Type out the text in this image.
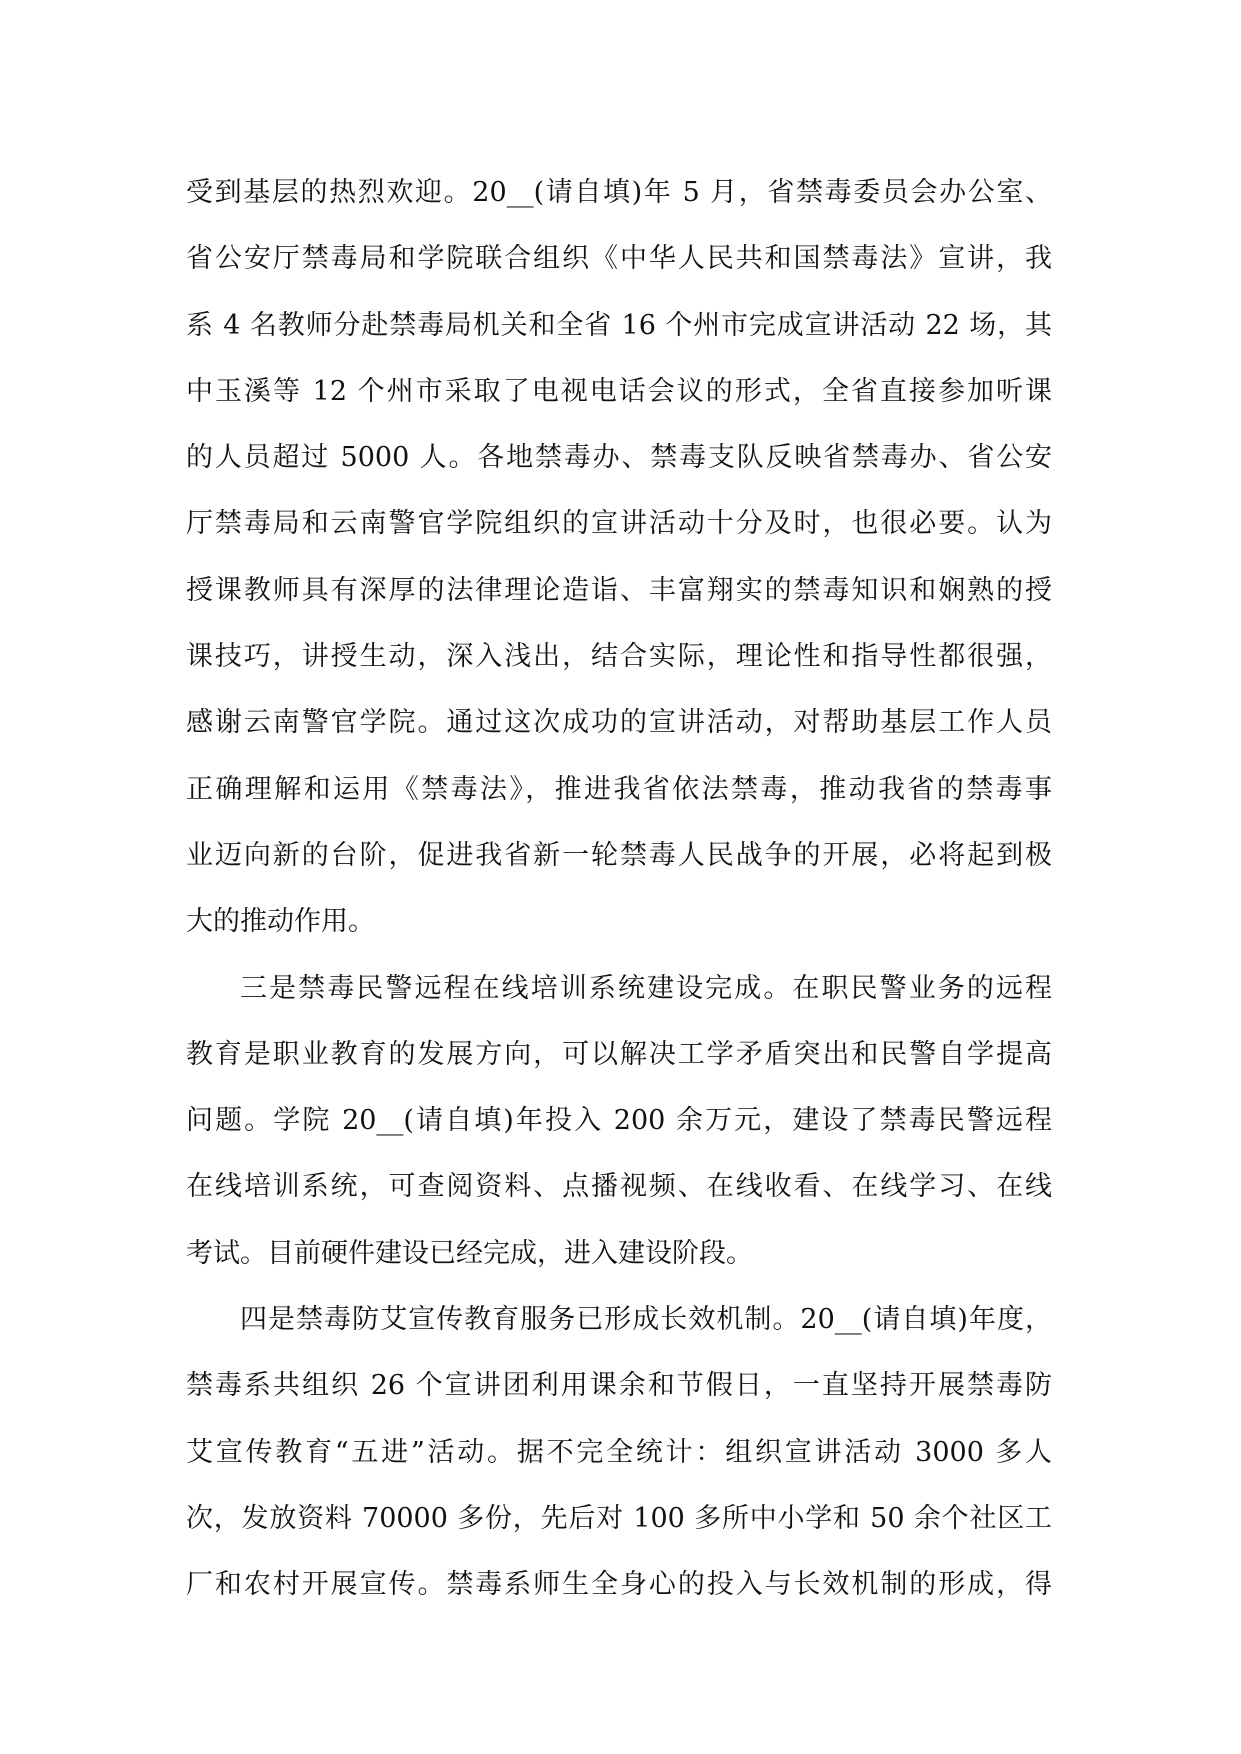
受到基层的热烈欢迎。20__(请自填)年 5 月，省禁毒委员会办公室、
省公安厅禁毒局和学院联合组织《中华人民共和国禁毒法》宣讲，我
系 4 名教师分赴禁毒局机关和全省 16 个州市完成宣讲活动 22 场，其
中玉溪等 12 个州市采取了电视电话会议的形式，全省直接参加听课
的人员超过 5000 人。各地禁毒办、禁毒支队反映省禁毒办、省公安
厅禁毒局和云南警官学院组织的宣讲活动十分及时，也很必要。认为
授课教师具有深厚的法律理论造诣、丰富翔实的禁毒知识和娴熟的授
课技巧，讲授生动，深入浅出，结合实际，理论性和指导性都很强，
感谢云南警官学院。通过这次成功的宣讲活动，对帮助基层工作人员
正确理解和运用《禁毒法》，推进我省依法禁毒，推动我省的禁毒事
业迈向新的台阶，促进我省新一轮禁毒人民战争的开展，必将起到极
大的推动作用。
三是禁毒民警远程在线培训系统建设完成。在职民警业务的远程
教育是职业教育的发展方向，可以解决工学矛盾突出和民警自学提高
问题。学院 20__(请自填)年投入 200 余万元，建设了禁毒民警远程
在线培训系统，可查阅资料、点播视频、在线收看、在线学习、在线
考试。目前硬件建设已经完成，进入建设阶段。
四是禁毒防艾宣传教育服务已形成长效机制。20__(请自填)年度，
禁毒系共组织 26 个宣讲团利用课余和节假日，一直坚持开展禁毒防
艾宣传教育“五进”活动。据不完全统计：组织宣讲活动 3000 多人
次，发放资料 70000 多份，先后对 100 多所中小学和 50 余个社区工
厂和农村开展宣传。禁毒系师生全身心的投入与长效机制的形成，得
